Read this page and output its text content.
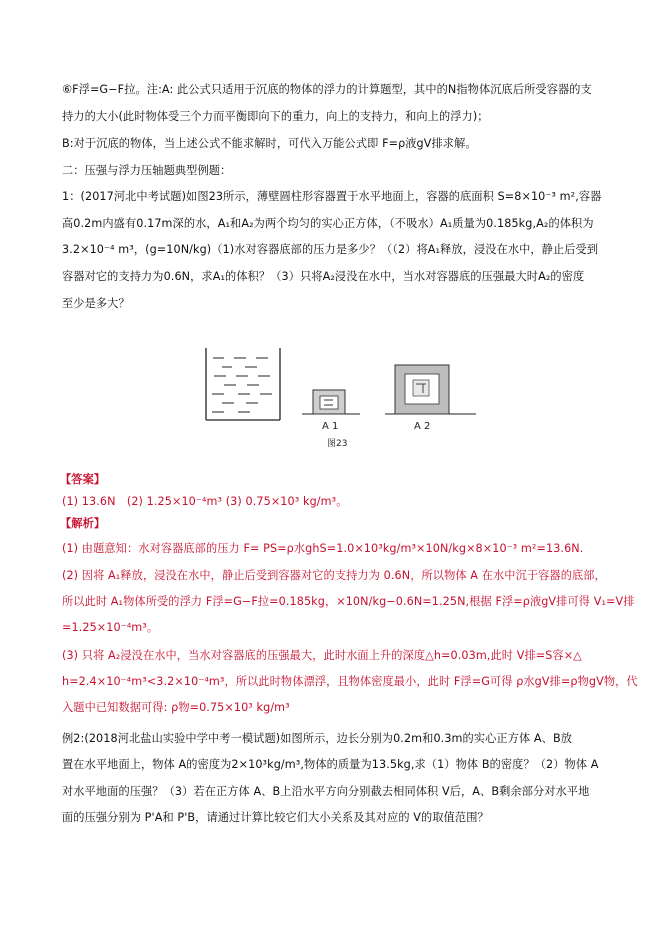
⑥F浮=G−F拉。注:A: 此公式只适用于沉底的物体的浮力的计算题型，其中的N指物体沉底后所受容器的支
持力的大小(此时物体受三个力而平衡即向下的重力，向上的支持力，和向上的浮力)；
B:对于沉底的物体，当上述公式不能求解时，可代入万能公式即 F=ρ液gV排求解。
二：压强与浮力压轴题典型例题：
1：(2017河北中考试题)如图23所示，薄壁圆柱形容器置于水平地面上，容器的底面积 S=8×10⁻³ m²,容器
高0.2m内盛有0.17m深的水，A₁和A₂为两个均匀的实心正方体，（不吸水）A₁质量为0.185kg,A₂的体积为
3.2×10⁻⁴ m³，(g=10N/kg)（1)水对容器底部的压力是多少？（（2）将A₁释放，浸没在水中，静止后受到
容器对它的支持力为0.6N，求A₁的体积？（3）只将A₂浸没在水中，当水对容器底的压强最大时A₂的密度
至少是多大？
A 1	A 2
图23
【答案】
(1) 13.6N　(2) 1.25×10⁻⁴m³ (3) 0.75×10³ kg/m³。
【解析】
(1) 由题意知：水对容器底部的压力 F= PS=ρ水ghS=1.0×10³kg/m³×10N/kg×8×10⁻³ m²=13.6N.
(2) 因将 A₁释放，浸没在水中，静止后受到容器对它的支持力为 0.6N，所以物体 A 在水中沉于容器的底部，
所以此时 A₁物体所受的浮力 F浮=G−F拉=0.185kg，×10N/kg−0.6N=1.25N,根据 F浮=ρ液gV排可得 V₁=V排
=1.25×10⁻⁴m³。
(3) 只将 A₂浸没在水中，当水对容器底的压强最大，此时水面上升的深度△h=0.03m,此时 V排=S容×△
h=2.4×10⁻⁴m³<3.2×10⁻⁴m³，所以此时物体漂浮，且物体密度最小，此时 F浮=G可得 ρ水gV排=ρ物gV物，代
入题中已知数据可得: ρ物=0.75×10³ kg/m³
例2:(2018河北盐山实验中学中考一模试题)如图所示，边长分别为0.2m和0.3m的实心正方体 A、B放
置在水平地面上，物体 A的密度为2×10³kg/m³,物体的质量为13.5kg,求（1）物体 B的密度？（2）物体 A
对水平地面的压强？（3）若在正方体 A、B上沿水平方向分别截去相同体积 V后，A、B剩余部分对水平地
面的压强分别为 P'A和 P'B，请通过计算比较它们大小关系及其对应的 V的取值范围？
